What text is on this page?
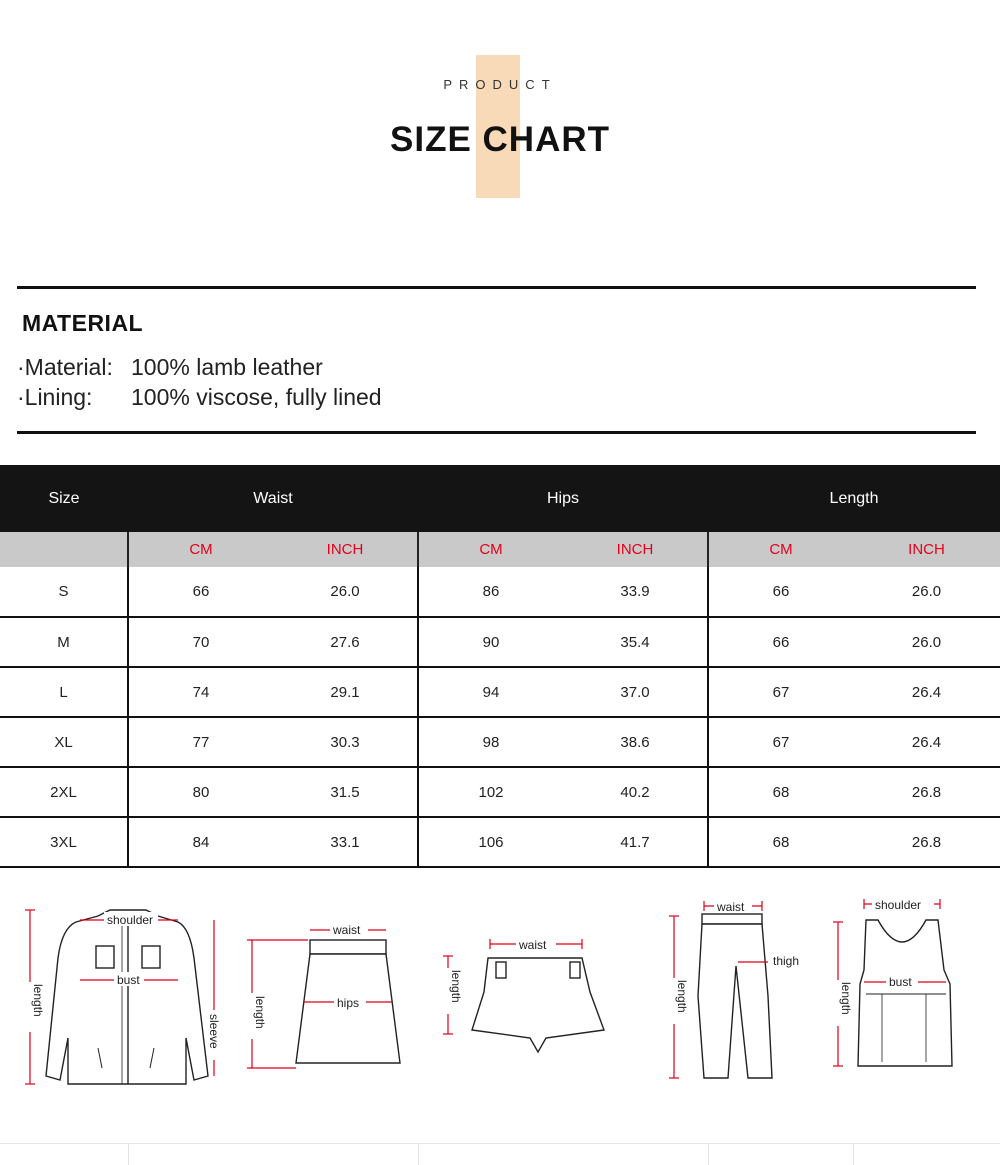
PRODUCT
SIZE CHART
MATERIAL
·Material: 100% lamb leather
·Lining: 100% viscose, fully lined
Size	Waist		Hips		Length	
	CM	INCH	CM	INCH	CM	INCH
S	66	26.0	86	33.9	66	26.0
M	70	27.6	90	35.4	66	26.0
L	74	29.1	94	37.0	67	26.4
XL	77	30.3	98	38.6	67	26.4
2XL	80	31.5	102	40.2	68	26.8
3XL	84	33.1	106	41.7	68	26.8
length
shoulder
bust
sleeve
waist
hips
length
waist
length
waist
thigh
length
shoulder
bust
length
